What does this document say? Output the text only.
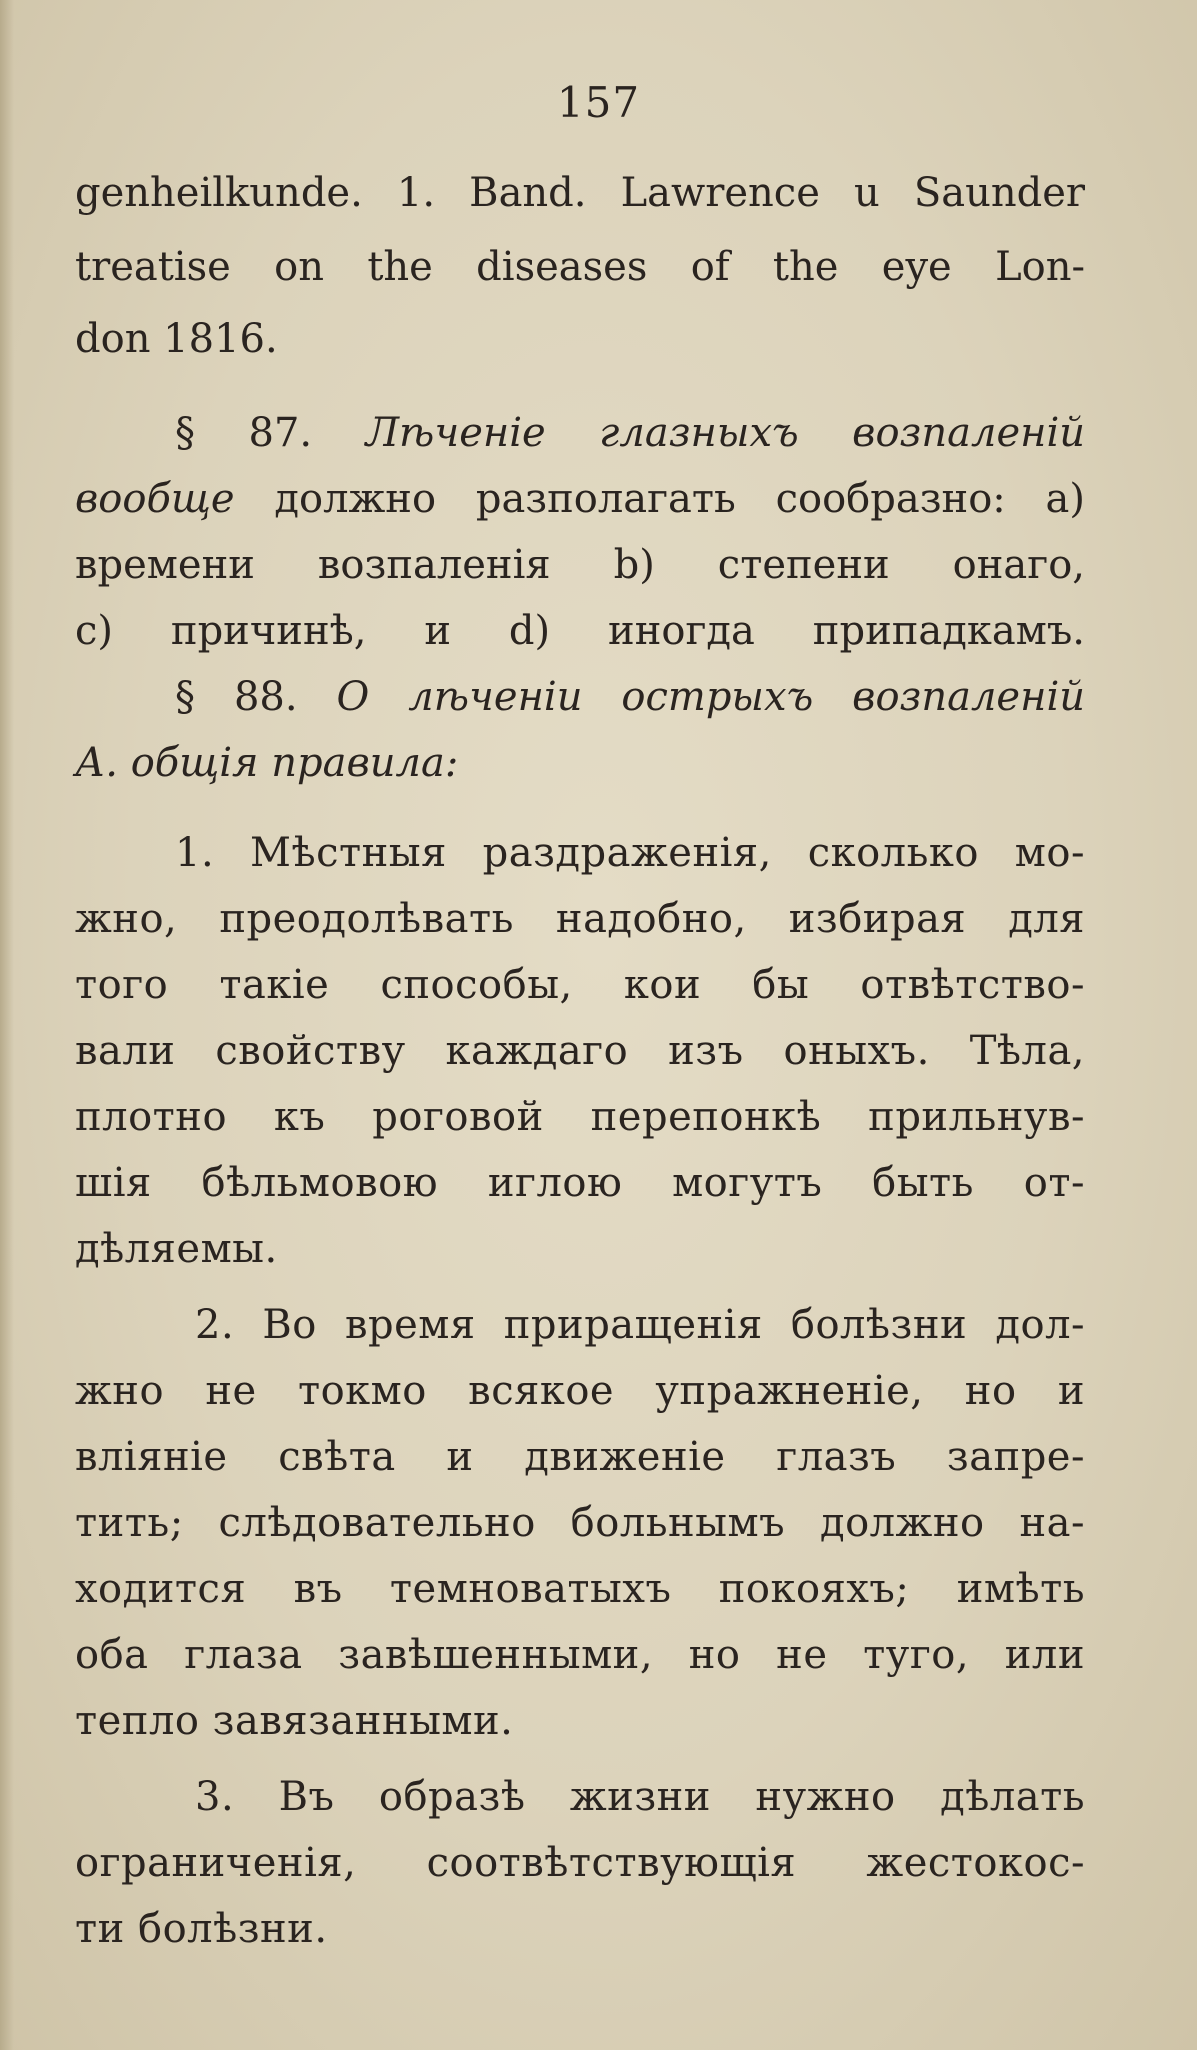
157
genheilkunde. 1. Band. Lawrence u Saunder
treatise on the diseases of the eye Lon-
don 1816.
§ 87. Лѣченіе глазныхъ возпаленій
вообще должно разполагать сообразно: a)
времени возпаленія b) степени онаго,
c) причинѣ, и d) иногда припадкамъ.
§ 88. О лѣченіи острыхъ возпаленій
А. общія правила:
1. Мѣстныя раздраженія, сколько мо-
жно, преодолѣвать надобно, избирая для
того такіе способы, кои бы отвѣтство-
вали свойству каждаго изъ оныхъ. Тѣла,
плотно къ роговой перепонкѣ прильнув-
шія бѣльмовою иглою могутъ быть от-
дѣляемы.
2. Во время приращенія болѣзни дол-
жно не токмо всякое упражненіе, но и
вліяніе свѣта и движеніе глазъ запре-
тить; слѣдовательно больнымъ должно на-
ходится въ темноватыхъ покояхъ; имѣть
оба глаза завѣшенными, но не туго, или
тепло завязанными.
3. Въ образѣ жизни нужно дѣлать
ограниченія, соотвѣтствующія жестокос-
ти болѣзни.
